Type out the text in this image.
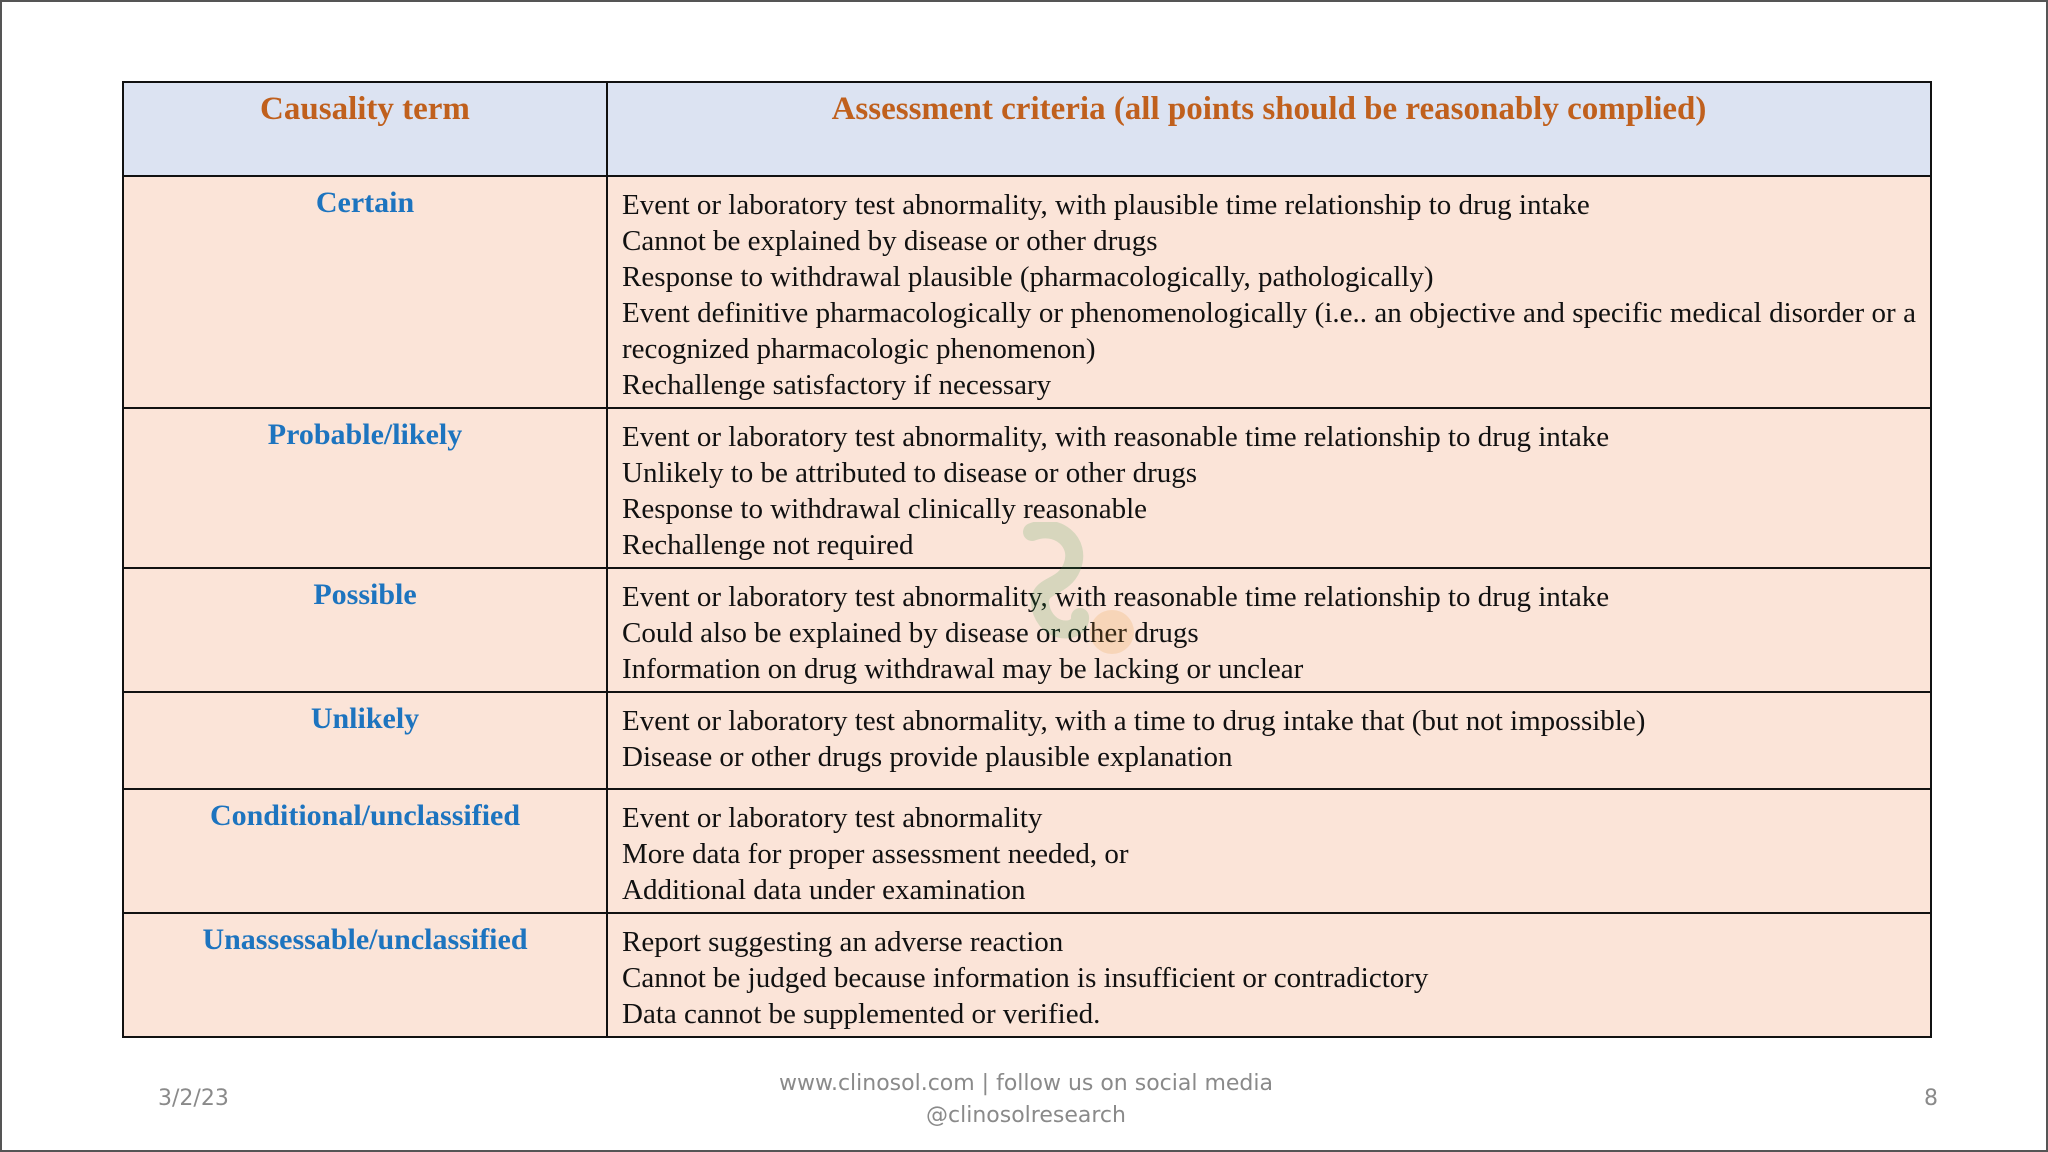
Causality term	Assessment criteria (all points should be reasonably complied)
Certain	Event or laboratory test abnormality, with plausible time relationship to drug intake
Cannot be explained by disease or other drugs
Response to withdrawal plausible (pharmacologically, pathologically)
Event definitive pharmacologically or phenomenologically (i.e.. an objective and specific medical disorder or a recognized pharmacologic phenomenon)
Rechallenge satisfactory if necessary

Probable/likely	Event or laboratory test abnormality, with reasonable time relationship to drug intake
Unlikely to be attributed to disease or other drugs
Response to withdrawal clinically reasonable
Rechallenge not required

Possible	Event or laboratory test abnormality, with reasonable time relationship to drug intake
Could also be explained by disease or other drugs
Information on drug withdrawal may be lacking or unclear

Unlikely	Event or laboratory test abnormality, with a time to drug intake that (but not impossible)
Disease or other drugs provide plausible explanation

Conditional/unclassified	Event or laboratory test abnormality
More data for proper assessment needed, or
Additional data under examination

Unassessable/unclassified	Report suggesting an adverse reaction
Cannot be judged because information is insufficient or contradictory
Data cannot be supplemented or verified.
3/2/23
www.clinosol.com | follow us on social media
@clinosolresearch
8
